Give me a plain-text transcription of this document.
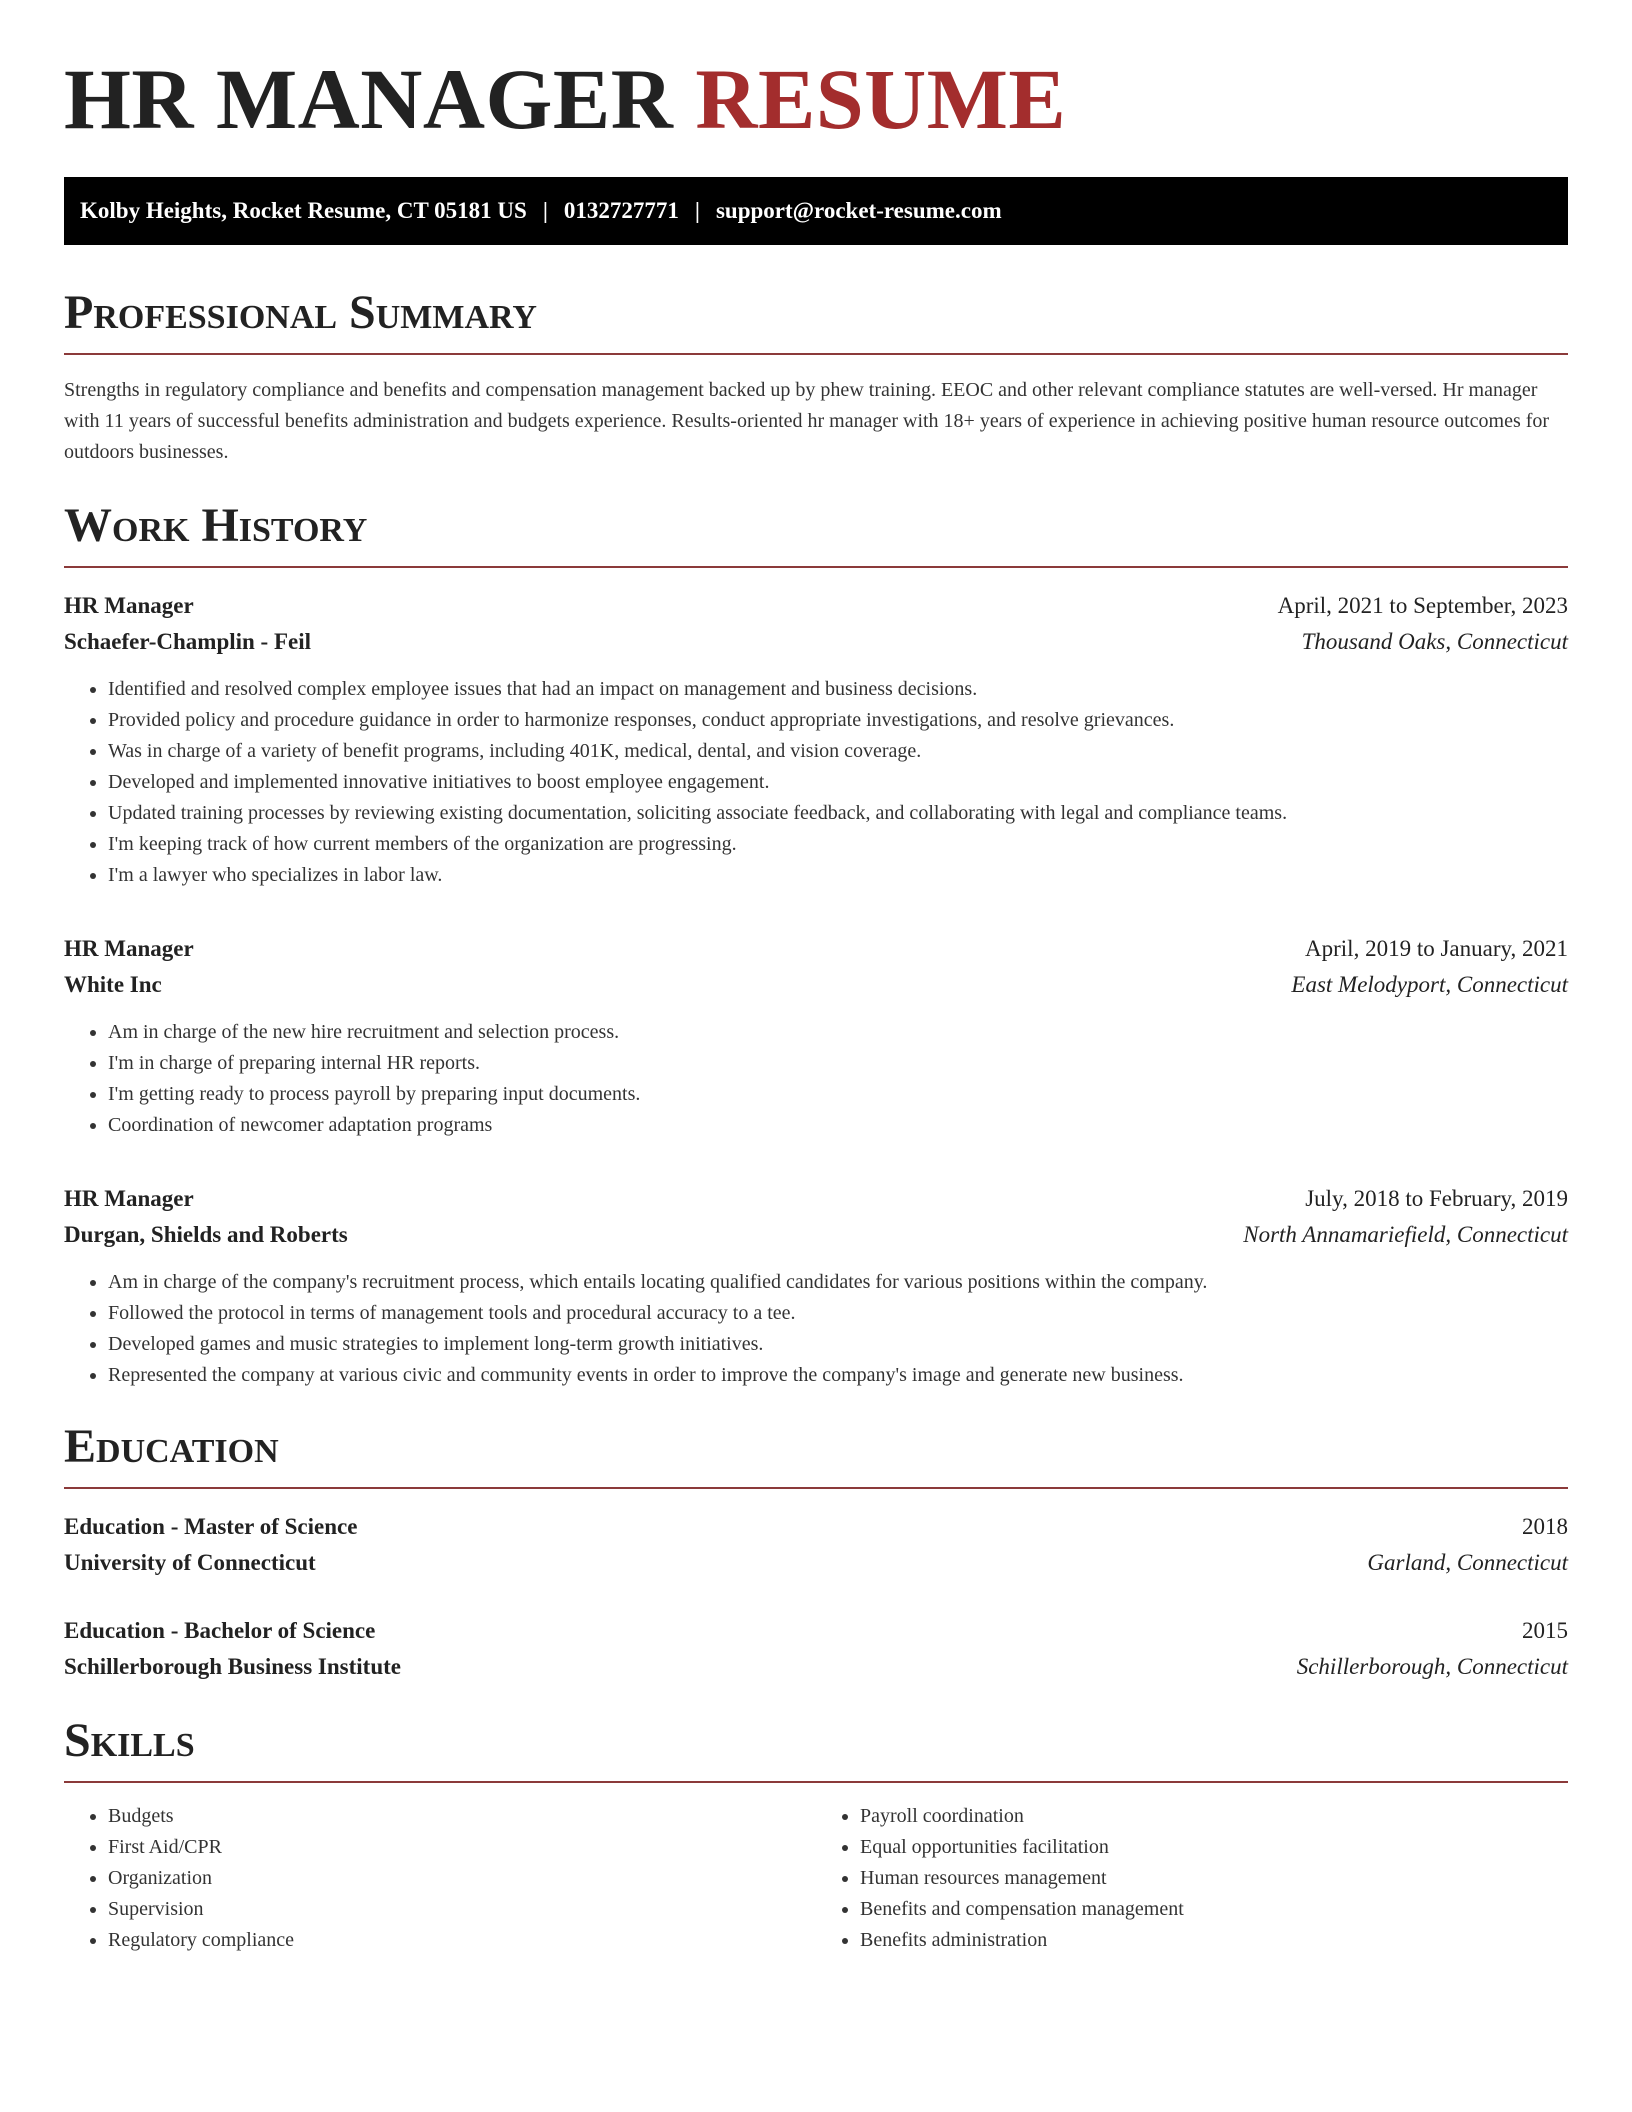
HR MANAGER RESUME
Kolby Heights, Rocket Resume, CT 05181 US | 0132727771 | support@rocket-resume.com
Professional Summary

Strengths in regulatory compliance and benefits and compensation management backed up by phew training. EEOC and other relevant compliance statutes are well-versed. Hr manager with 11 years of successful benefits administration and budgets experience. Results-oriented hr manager with 18+ years of experience in achieving positive human resource outcomes for outdoors businesses.

Work History
HR Manager	April, 2021 to September, 2023
Schaefer-Champlin - Feil	Thousand Oaks, Connecticut
• Identified and resolved complex employee issues that had an impact on management and business decisions.
• Provided policy and procedure guidance in order to harmonize responses, conduct appropriate investigations, and resolve grievances.
• Was in charge of a variety of benefit programs, including 401K, medical, dental, and vision coverage.
• Developed and implemented innovative initiatives to boost employee engagement.
• Updated training processes by reviewing existing documentation, soliciting associate feedback, and collaborating with legal and compliance teams.
• I'm keeping track of how current members of the organization are progressing.
• I'm a lawyer who specializes in labor law.
HR Manager	April, 2019 to January, 2021
White Inc	East Melodyport, Connecticut
• Am in charge of the new hire recruitment and selection process.
• I'm in charge of preparing internal HR reports.
• I'm getting ready to process payroll by preparing input documents.
• Coordination of newcomer adaptation programs
HR Manager	July, 2018 to February, 2019
Durgan, Shields and Roberts	North Annamariefield, Connecticut
• Am in charge of the company's recruitment process, which entails locating qualified candidates for various positions within the company.
• Followed the protocol in terms of management tools and procedural accuracy to a tee.
• Developed games and music strategies to implement long-term growth initiatives.
• Represented the company at various civic and community events in order to improve the company's image and generate new business.
Education
Education - Master of Science	2018
University of Connecticut	Garland, Connecticut
Education - Bachelor of Science	2015
Schillerborough Business Institute	Schillerborough, Connecticut
Skills
• Budgets
• First Aid/CPR
• Organization
• Supervision
• Regulatory compliance
• Payroll coordination
• Equal opportunities facilitation
• Human resources management
• Benefits and compensation management
• Benefits administration
